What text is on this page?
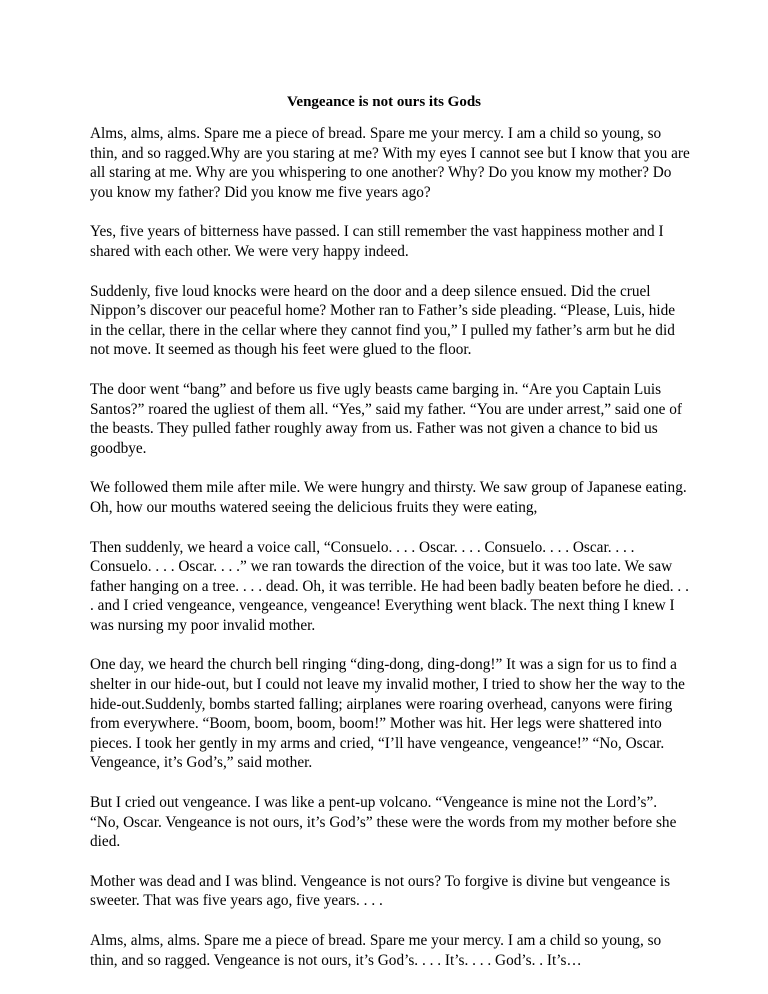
Vengeance is not ours its Gods

Alms, alms, alms. Spare me a piece of bread. Spare me your mercy. I am a child so young, so thin, and so ragged.Why are you staring at me? With my eyes I cannot see but I know that you are all staring at me. Why are you whispering to one another? Why? Do you know my mother? Do you know my father? Did you know me five years ago?

Yes, five years of bitterness have passed. I can still remember the vast happiness mother and I shared with each other. We were very happy indeed.

Suddenly, five loud knocks were heard on the door and a deep silence ensued. Did the cruel Nippon’s discover our peaceful home? Mother ran to Father’s side pleading. “Please, Luis, hide in the cellar, there in the cellar where they cannot find you,” I pulled my father’s arm but he did not move. It seemed as though his feet were glued to the floor.

The door went “bang” and before us five ugly beasts came barging in. “Are you Captain Luis Santos?” roared the ugliest of them all. “Yes,” said my father. “You are under arrest,” said one of the beasts. They pulled father roughly away from us. Father was not given a chance to bid us goodbye.

We followed them mile after mile. We were hungry and thirsty. We saw group of Japanese eating. Oh, how our mouths watered seeing the delicious fruits they were eating,

Then suddenly, we heard a voice call, “Consuelo. . . . Oscar. . . . Consuelo. . . . Oscar. . . . Consuelo. . . . Oscar. . . .” we ran towards the direction of the voice, but it was too late. We saw father hanging on a tree. . . . dead. Oh, it was terrible. He had been badly beaten before he died. . . . and I cried vengeance, vengeance, vengeance! Everything went black. The next thing I knew I was nursing my poor invalid mother.

One day, we heard the church bell ringing “ding-dong, ding-dong!” It was a sign for us to find a shelter in our hide-out, but I could not leave my invalid mother, I tried to show her the way to the hide-out.Suddenly, bombs started falling; airplanes were roaring overhead, canyons were firing from everywhere. “Boom, boom, boom, boom!” Mother was hit. Her legs were shattered into pieces. I took her gently in my arms and cried, “I’ll have vengeance, vengeance!” “No, Oscar. Vengeance, it’s God’s,” said mother.

But I cried out vengeance. I was like a pent-up volcano. “Vengeance is mine not the Lord’s”. “No, Oscar. Vengeance is not ours, it’s God’s” these were the words from my mother before she died.

Mother was dead and I was blind. Vengeance is not ours? To forgive is divine but vengeance is sweeter. That was five years ago, five years. . . .

Alms, alms, alms. Spare me a piece of bread. Spare me your mercy. I am a child so young, so thin, and so ragged. Vengeance is not ours, it’s God’s. . . . It’s. . . . God’s. . It’s…
